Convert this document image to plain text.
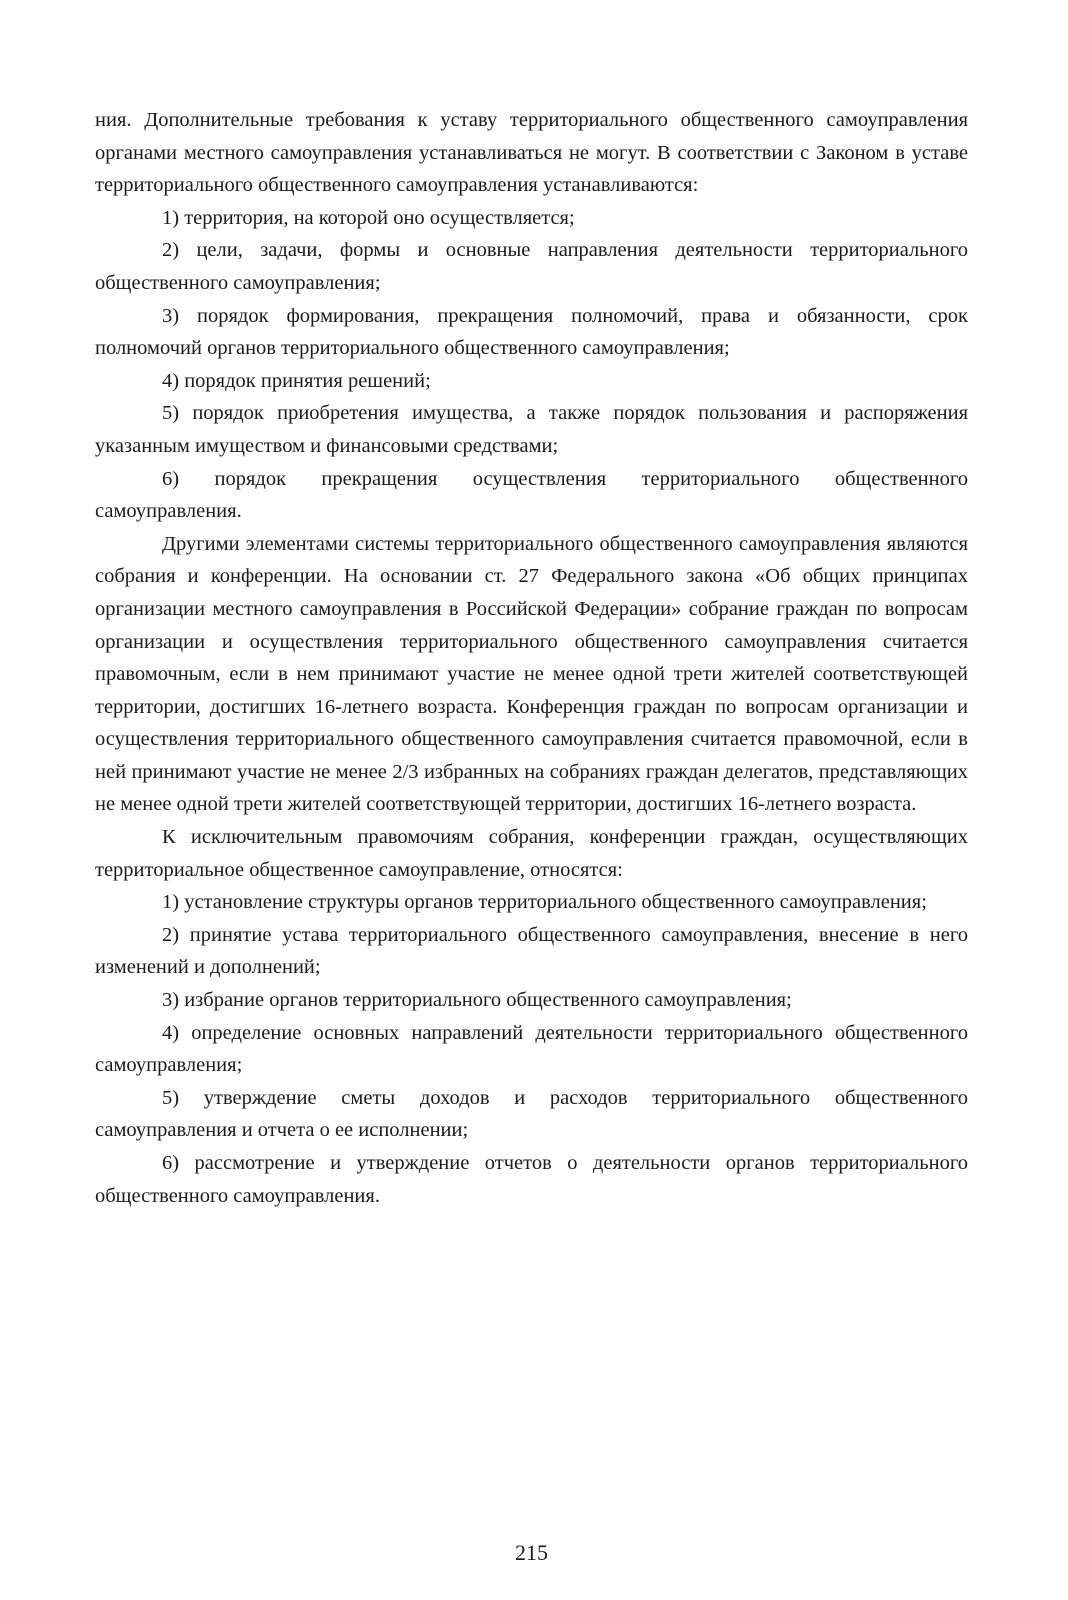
ния. Дополнительные требования к уставу территориального общественного самоуправления органами местного самоуправления устанавливаться не могут. В соответствии с Законом в уставе территориального общественного самоуправления устанавливаются:

1) территория, на которой оно осуществляется;

2) цели, задачи, формы и основные направления деятельности территориального общественного самоуправления;

3) порядок формирования, прекращения полномочий, права и обязанности, срок полномочий органов территориального общественного самоуправления;

4) порядок принятия решений;

5) порядок приобретения имущества, а также порядок пользования и распоряжения указанным имуществом и финансовыми средствами;

6) порядок прекращения осуществления территориального общественного самоуправления.

Другими элементами системы территориального общественного самоуправления являются собрания и конференции. На основании ст. 27 Федерального закона «Об общих принципах организации местного самоуправления в Российской Федерации» собрание граждан по вопросам организации и осуществления территориального общественного самоуправления считается правомочным, если в нем принимают участие не менее одной трети жителей соответствующей территории, достигших 16-летнего возраста. Конференция граждан по вопросам организации и осуществления территориального общественного самоуправления считается правомочной, если в ней принимают участие не менее 2/3 избранных на собраниях граждан делегатов, представляющих не менее одной трети жителей соответствующей территории, достигших 16-летнего возраста.

К исключительным правомочиям собрания, конференции граждан, осуществляющих территориальное общественное самоуправление, относятся:

1) установление структуры органов территориального общественного самоуправления;

2) принятие устава территориального общественного самоуправления, внесение в него изменений и дополнений;

3) избрание органов территориального общественного самоуправления;

4) определение основных направлений деятельности территориального общественного самоуправления;

5) утверждение сметы доходов и расходов территориального общественного самоуправления и отчета о ее исполнении;

6) рассмотрение и утверждение отчетов о деятельности органов территориального общественного самоуправления.

215
